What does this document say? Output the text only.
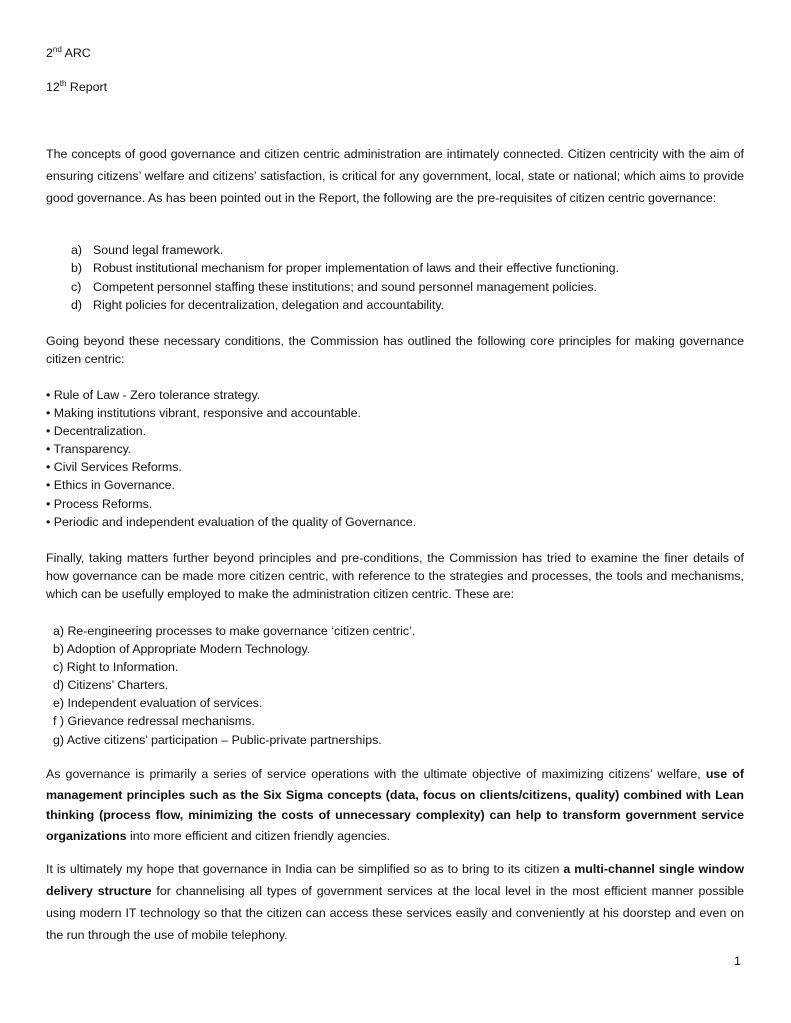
2nd ARC
12th Report
The concepts of good governance and citizen centric administration are intimately connected. Citizen centricity with the aim of ensuring citizens’ welfare and citizens’ satisfaction, is critical for any government, local, state or national; which aims to provide good governance. As has been pointed out in the Report, the following are the pre-requisites of citizen centric governance:
a) Sound legal framework.
b) Robust institutional mechanism for proper implementation of laws and their effective functioning.
c) Competent personnel staffing these institutions; and sound personnel management policies.
d) Right policies for decentralization, delegation and accountability.
Going beyond these necessary conditions, the Commission has outlined the following core principles for making governance citizen centric:
• Rule of Law - Zero tolerance strategy.
• Making institutions vibrant, responsive and accountable.
• Decentralization.
• Transparency.
• Civil Services Reforms.
• Ethics in Governance.
• Process Reforms.
• Periodic and independent evaluation of the quality of Governance.
Finally, taking matters further beyond principles and pre-conditions, the Commission has tried to examine the finer details of how governance can be made more citizen centric, with reference to the strategies and processes, the tools and mechanisms, which can be usefully employed to make the administration citizen centric. These are:
a) Re-engineering processes to make governance ‘citizen centric’.
b) Adoption of Appropriate Modern Technology.
c) Right to Information.
d) Citizens’ Charters.
e) Independent evaluation of services.
f ) Grievance redressal mechanisms.
g) Active citizens’ participation – Public-private partnerships.
As governance is primarily a series of service operations with the ultimate objective of maximizing citizens’ welfare, use of management principles such as the Six Sigma concepts (data, focus on clients/citizens, quality) combined with Lean thinking (process flow, minimizing the costs of unnecessary complexity) can help to transform government service organizations into more efficient and citizen friendly agencies.
It is ultimately my hope that governance in India can be simplified so as to bring to its citizen a multi-channel single window delivery structure for channelising all types of government services at the local level in the most efficient manner possible using modern IT technology so that the citizen can access these services easily and conveniently at his doorstep and even on the run through the use of mobile telephony.
1
